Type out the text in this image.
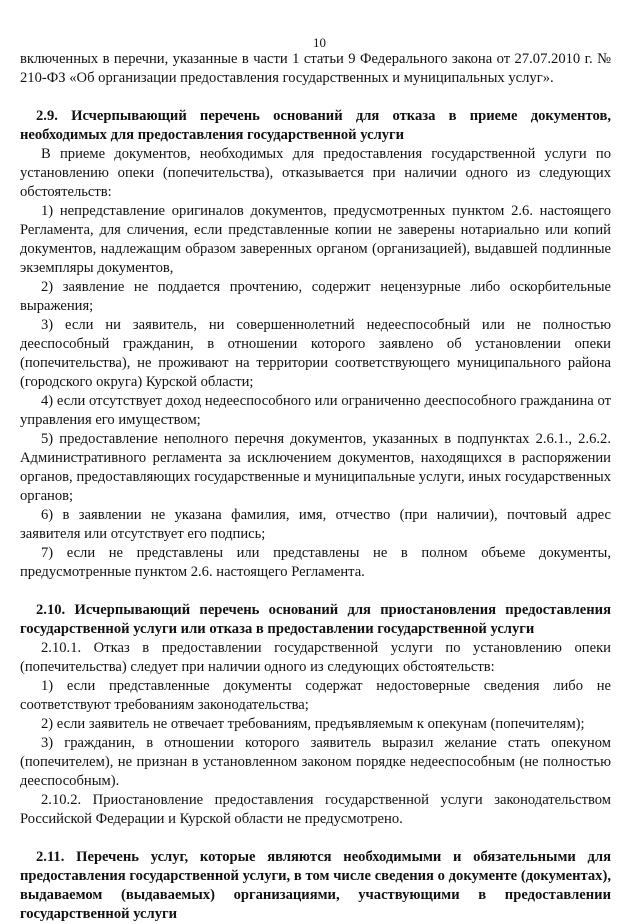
10

включенных в перечни, указанные в части 1 статьи 9 Федерального закона от 27.07.2010 г. № 210-ФЗ «Об организации предоставления государственных и муниципальных услуг».

2.9. Исчерпывающий перечень оснований для отказа в приеме документов, необходимых для предоставления государственной услуги

В приеме документов, необходимых для предоставления государственной услуги по установлению опеки (попечительства), отказывается при наличии одного из следующих обстоятельств:

1) непредставление оригиналов документов, предусмотренных пунктом 2.6. настоящего Регламента, для сличения, если представленные копии не заверены нотариально или копий документов, надлежащим образом заверенных органом (организацией), выдавшей подлинные экземпляры документов,

2) заявление не поддается прочтению, содержит нецензурные либо оскорбительные выражения;

3) если ни заявитель, ни совершеннолетний недееспособный или не полностью дееспособный гражданин, в отношении которого заявлено об установлении опеки (попечительства), не проживают на территории соответствующего муниципального района (городского округа) Курской области;

4) если отсутствует доход недееспособного или ограниченно дееспособного гражданина от управления его имуществом;

5) предоставление неполного перечня документов, указанных в подпунктах 2.6.1., 2.6.2. Административного регламента за исключением документов, находящихся в распоряжении органов, предоставляющих государственные и муниципальные услуги, иных государственных органов;

6) в заявлении не указана фамилия, имя, отчество (при наличии), почтовый адрес заявителя или отсутствует его подпись;

7) если не представлены или представлены не в полном объеме документы, предусмотренные пунктом 2.6. настоящего Регламента.

2.10. Исчерпывающий перечень оснований для приостановления предоставления государственной услуги или отказа в предоставлении государственной услуги

2.10.1. Отказ в предоставлении государственной услуги по установлению опеки (попечительства) следует при наличии одного из следующих обстоятельств:

1) если представленные документы содержат недостоверные сведения либо не соответствуют требованиям законодательства;

2) если заявитель не отвечает требованиям, предъявляемым к опекунам (попечителям);

3) гражданин, в отношении которого заявитель выразил желание стать опекуном (попечителем), не признан в установленном законом порядке недееспособным (не полностью дееспособным).

2.10.2. Приостановление предоставления государственной услуги законодательством Российской Федерации и Курской области не предусмотрено.

2.11. Перечень услуг, которые являются необходимыми и обязательными для предоставления государственной услуги, в том числе сведения о документе (документах), выдаваемом (выдаваемых) организациями, участвующими в предоставлении государственной услуги
